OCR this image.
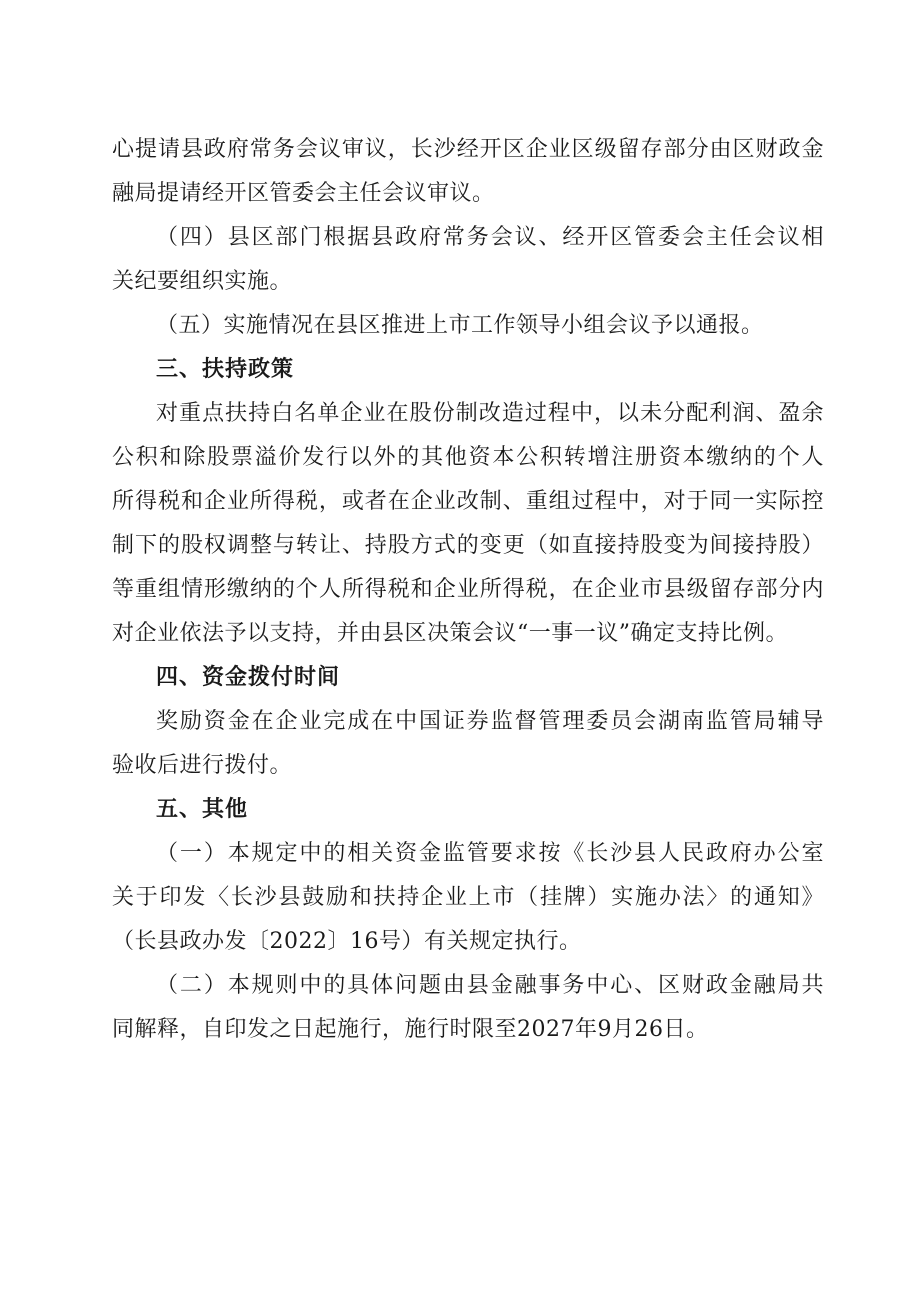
心提请县政府常务会议审议，长沙经开区企业区级留存部分由区财政金
融局提请经开区管委会主任会议审议。
（四）县区部门根据县政府常务会议、经开区管委会主任会议相
关纪要组织实施。
（五）实施情况在县区推进上市工作领导小组会议予以通报。
三、扶持政策
对重点扶持白名单企业在股份制改造过程中，以未分配利润、盈余
公积和除股票溢价发行以外的其他资本公积转增注册资本缴纳的个人
所得税和企业所得税，或者在企业改制、重组过程中，对于同一实际控
制下的股权调整与转让、持股方式的变更（如直接持股变为间接持股）
等重组情形缴纳的个人所得税和企业所得税，在企业市县级留存部分内
对企业依法予以支持，并由县区决策会议“一事一议”确定支持比例。
四、资金拨付时间
奖励资金在企业完成在中国证券监督管理委员会湖南监管局辅导
验收后进行拨付。
五、其他
（一）本规定中的相关资金监管要求按《长沙县人民政府办公室
关于印发〈长沙县鼓励和扶持企业上市（挂牌）实施办法〉的通知》
（长县政办发〔2022〕16号）有关规定执行。
（二）本规则中的具体问题由县金融事务中心、区财政金融局共
同解释，自印发之日起施行，施行时限至2027年9月26日。
